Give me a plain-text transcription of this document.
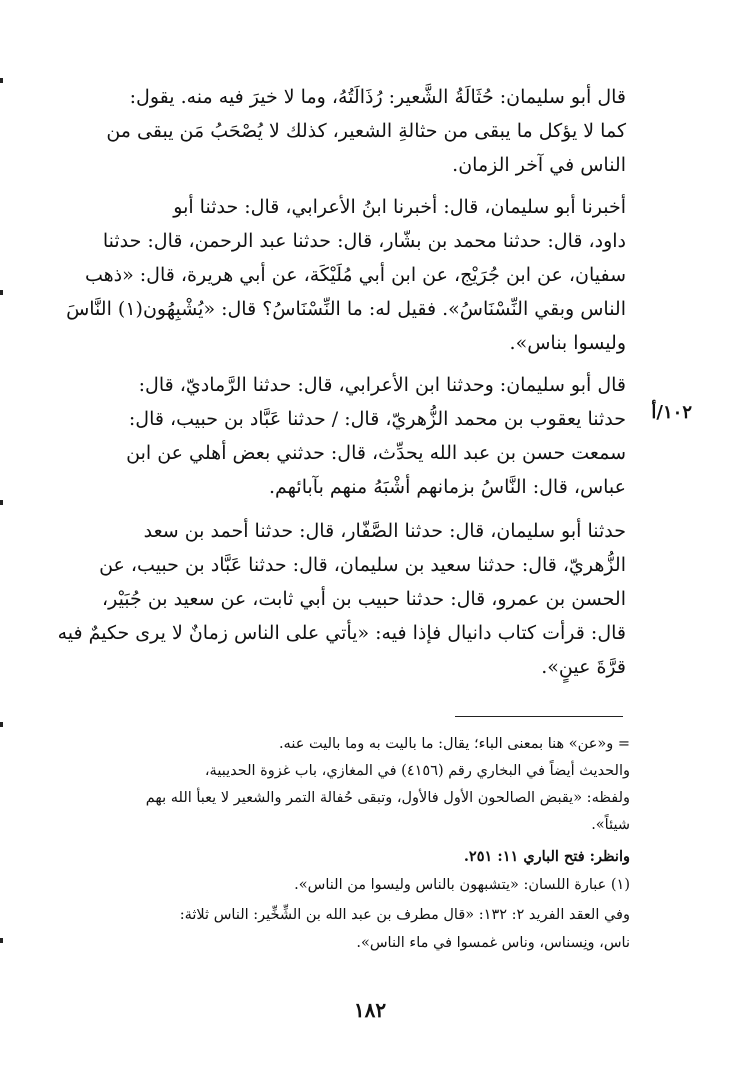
قال أبو سليمان: حُثَالَةُ الشَّعير: رُذَالَتُهُ، وما لا خيرَ فيه منه. يقول:
كما لا يؤكل ما يبقى من حثالةِ الشعير، كذلك لا يُصْحَبُ مَن يبقى من
الناس في آخر الزمان.
أخبرنا أبو سليمان، قال: أخبرنا ابنُ الأعرابي، قال: حدثنا أبو
داود، قال: حدثنا محمد بن بشّار، قال: حدثنا عبد الرحمن، قال: حدثنا
سفيان، عن ابن جُرَيْج، عن ابن أبي مُلَيْكَة، عن أبي هريرة، قال: «ذهب
الناس وبقي النِّسْنَاسُ». فقيل له: ما النِّسْنَاسُ؟ قال: «يُشْبِهُون(١) النَّاسَ
وليسوا بناس».
قال أبو سليمان: وحدثنا ابن الأعرابي، قال: حدثنا الرَّماديّ، قال:
حدثنا يعقوب بن محمد الزُّهريّ، قال: / حدثنا عَبَّاد بن حبيب، قال:
سمعت حسن بن عبد الله يحدِّث، قال: حدثني بعض أهلي عن ابن
عباس، قال: النَّاسُ بزمانهم أشْبَهُ منهم بآبائهم.
١٠٢/أ
حدثنا أبو سليمان، قال: حدثنا الصَّفّار، قال: حدثنا أحمد بن سعد
الزُّهريّ، قال: حدثنا سعيد بن سليمان، قال: حدثنا عَبَّاد بن حبيب، عن
الحسن بن عمرو، قال: حدثنا حبيب بن أبي ثابت، عن سعيد بن جُبَيْر،
قال: قرأت كتاب دانيال فإذا فيه: «يأتي على الناس زمانٌ لا يرى حكيمٌ فيه
قرَّةَ عينٍ».
= و«عن» هنا بمعنى الباء؛ يقال: ما باليت به وما باليت عنه.
والحديث أيضاً في البخاري رقم (٤١٥٦) في المغازي، باب غزوة الحديبية،
ولفظه: «يقبض الصالحون الأول فالأول، وتبقى حُفالة التمر والشعير لا يعبأ الله بهم
شيئاً».
وانظر: فتح الباري ١١: ٢٥١.
(١) عبارة اللسان: «يتشبهون بالناس وليسوا من الناس».
وفي العقد الفريد ٢: ١٣٢: «قال مطرف بن عبد الله بن الشِّخِّير: الناس ثلاثة:
ناس، ونِسناس، وناس غمسوا في ماء الناس».
١٨٢
